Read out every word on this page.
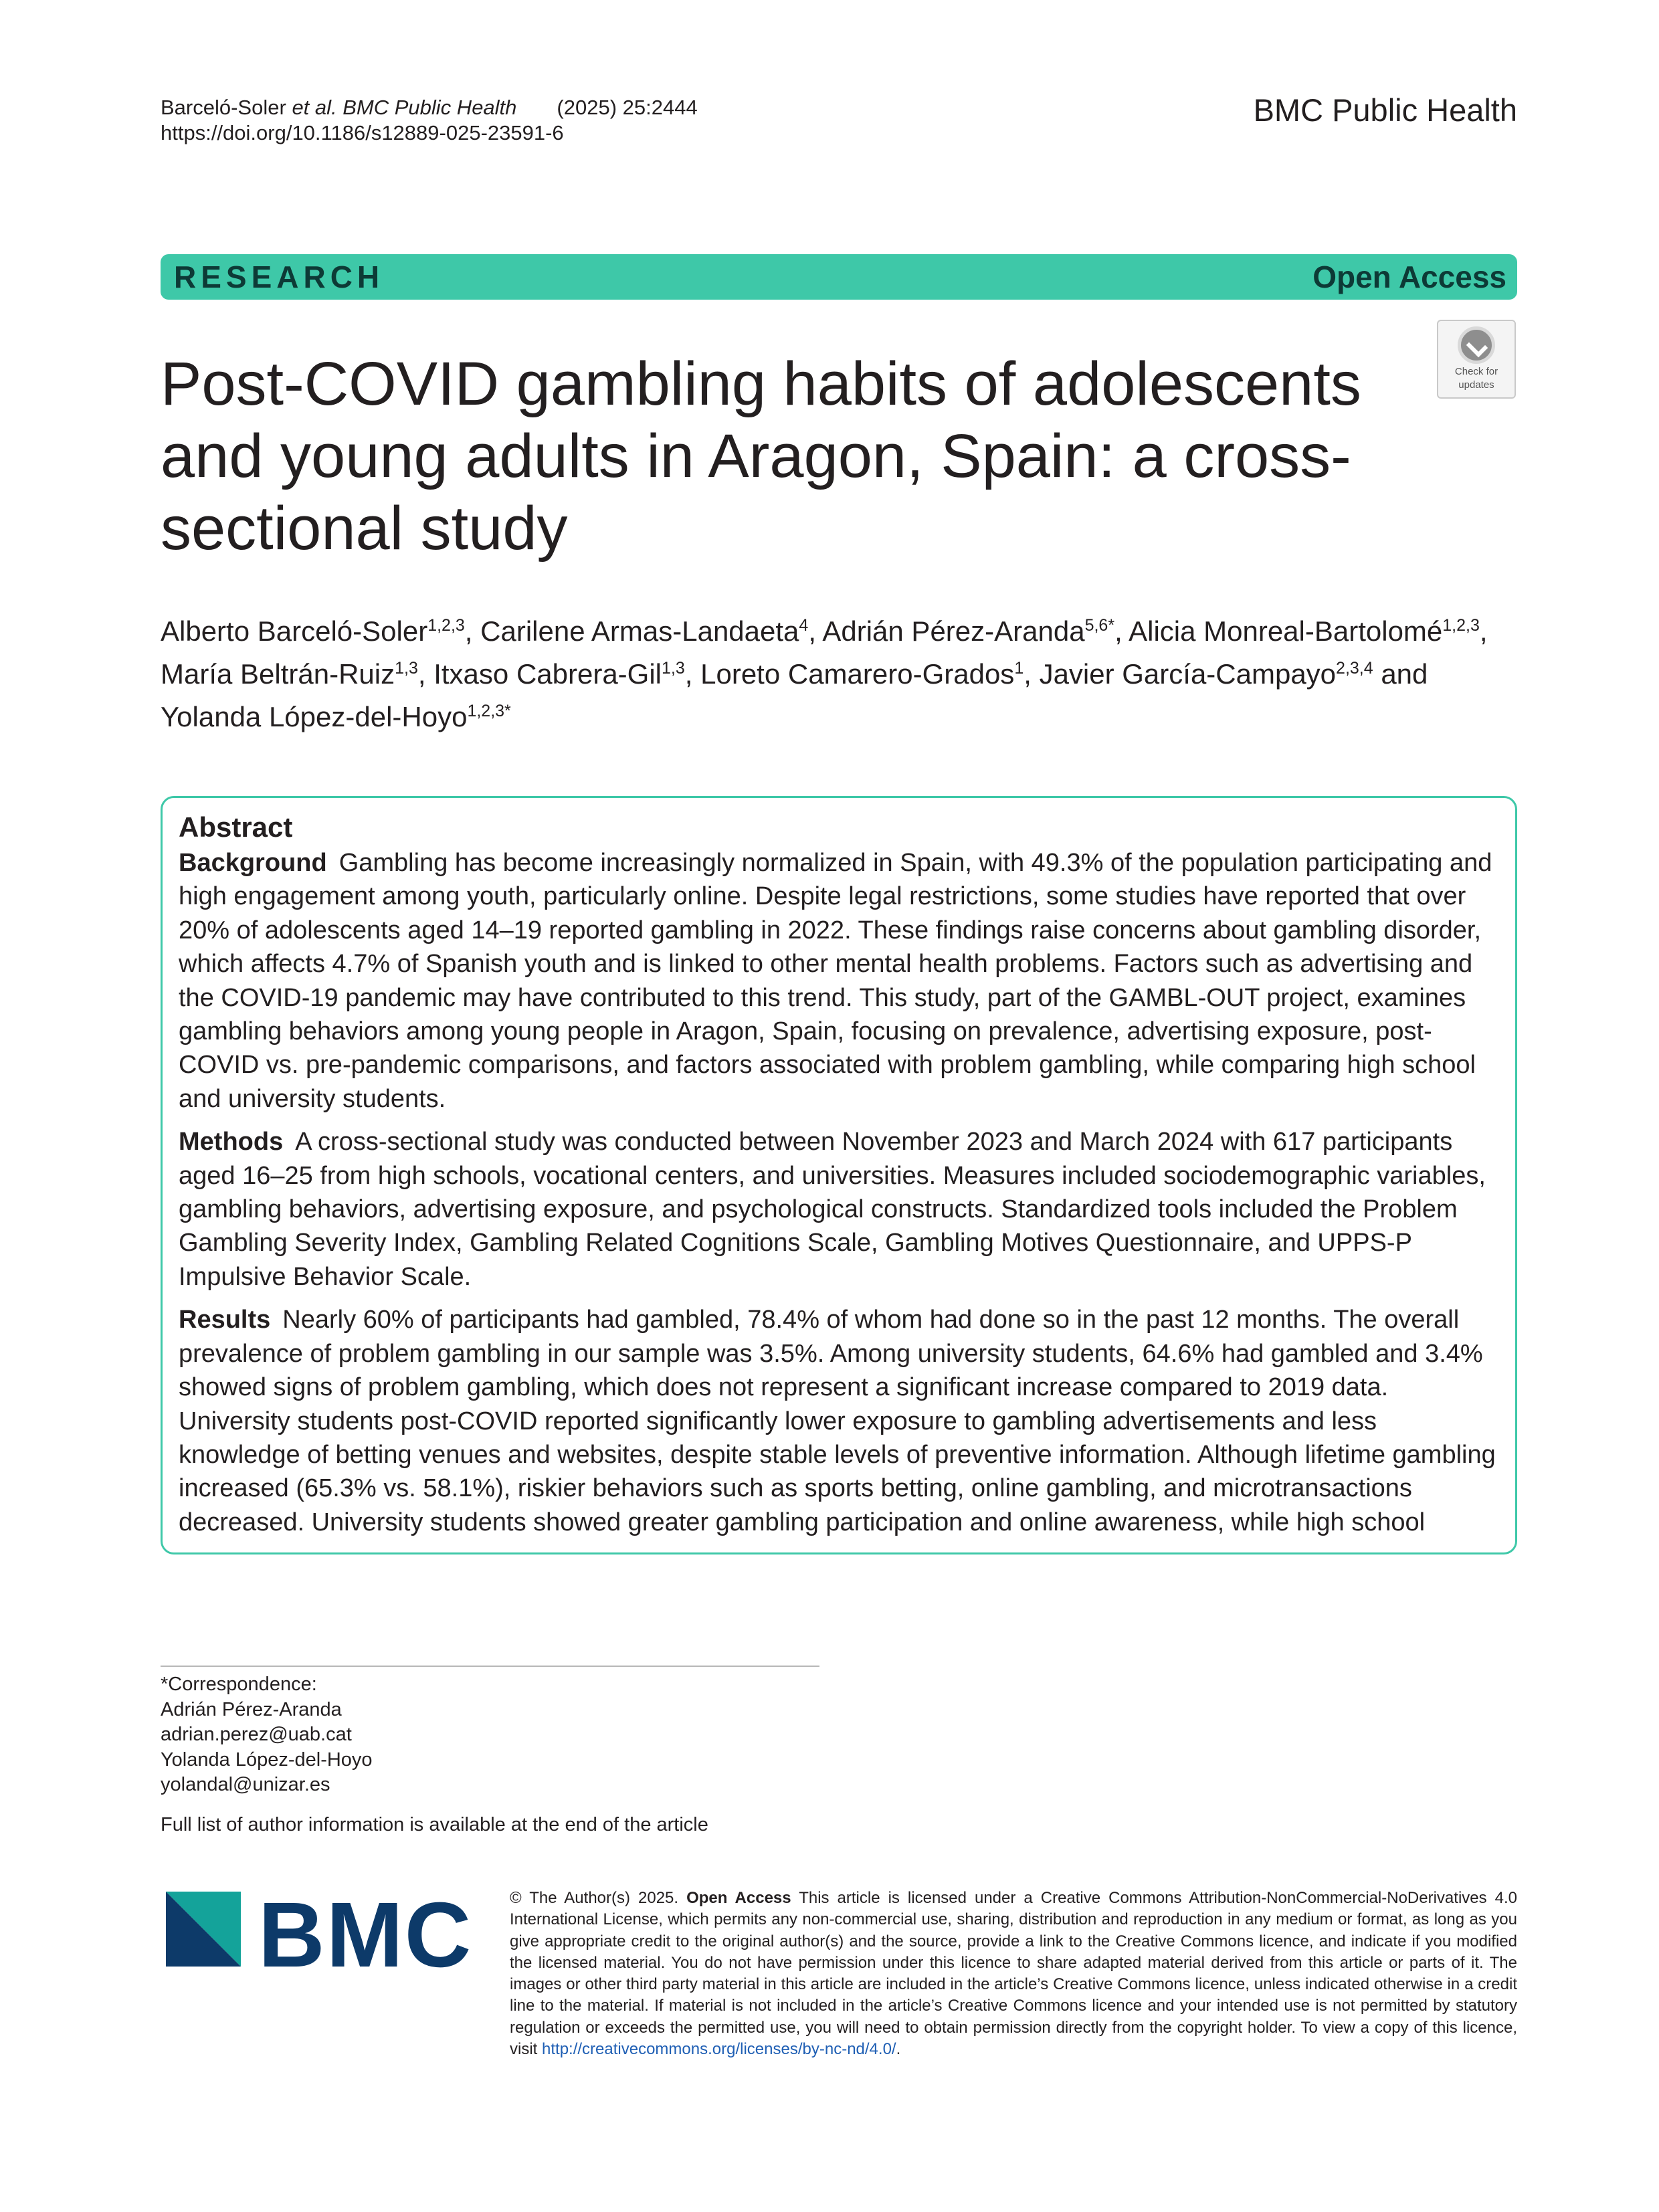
Barceló-Soler et al. BMC Public Health (2025) 25:2444
https://doi.org/10.1186/s12889-025-23591-6
BMC Public Health
RESEARCH	Open Access
Check for
updates
Post-COVID gambling habits of adolescents and young adults in Aragon, Spain: a cross-sectional study
Alberto Barceló-Soler$^{1,2,3}$, Carilene Armas-Landaeta$^4$, Adrián Pérez-Aranda$^{5,6*}$, Alicia Monreal-Bartolomé$^{1,2,3}$,
María Beltrán-Ruiz$^{1,3}$, Itxaso Cabrera-Gil$^{1,3}$, Loreto Camarero-Grados$^1$, Javier García-Campayo$^{2,3,4}$ and
Yolanda López-del-Hoyo$^{1,2,3*}$
Abstract

Background Gambling has become increasingly normalized in Spain, with 49.3% of the population participating and high engagement among youth, particularly online. Despite legal restrictions, some studies have reported that over 20% of adolescents aged 14–19 reported gambling in 2022. These findings raise concerns about gambling disorder, which affects 4.7% of Spanish youth and is linked to other mental health problems. Factors such as advertising and the COVID-19 pandemic may have contributed to this trend. This study, part of the GAMBL-OUT project, examines gambling behaviors among young people in Aragon, Spain, focusing on prevalence, advertising exposure, post-COVID vs. pre-pandemic comparisons, and factors associated with problem gambling, while comparing high school and university students.

Methods A cross-sectional study was conducted between November 2023 and March 2024 with 617 participants aged 16–25 from high schools, vocational centers, and universities. Measures included sociodemographic variables, gambling behaviors, advertising exposure, and psychological constructs. Standardized tools included the Problem Gambling Severity Index, Gambling Related Cognitions Scale, Gambling Motives Questionnaire, and UPPS-P Impulsive Behavior Scale.

Results Nearly 60% of participants had gambled, 78.4% of whom had done so in the past 12 months. The overall prevalence of problem gambling in our sample was 3.5%. Among university students, 64.6% had gambled and 3.4% showed signs of problem gambling, which does not represent a significant increase compared to 2019 data. University students post-COVID reported significantly lower exposure to gambling advertisements and less knowledge of betting venues and websites, despite stable levels of preventive information. Although lifetime gambling increased (65.3% vs. 58.1%), riskier behaviors such as sports betting, online gambling, and microtransactions decreased. University students showed greater gambling participation and online awareness, while high school

*Correspondence:
Adrián Pérez-Aranda
adrian.perez@uab.cat
Yolanda López-del-Hoyo
yolandal@unizar.es
Full list of author information is available at the end of the article
BMC © The Author(s) 2025. Open Access This article is licensed under a Creative Commons Attribution-NonCommercial-NoDerivatives 4.0 International License, which permits any non-commercial use, sharing, distribution and reproduction in any medium or format, as long as you give appropriate credit to the original author(s) and the source, provide a link to the Creative Commons licence, and indicate if you modified the licensed material. You do not have permission under this licence to share adapted material derived from this article or parts of it. The images or other third party material in this article are included in the article’s Creative Commons licence, unless indicated otherwise in a credit line to the material. If material is not included in the article’s Creative Commons licence and your intended use is not permitted by statutory regulation or exceeds the permitted use, you will need to obtain permission directly from the copyright holder. To view a copy of this licence, visit http://creativecommons.org/licenses/by-nc-nd/4.0/.
